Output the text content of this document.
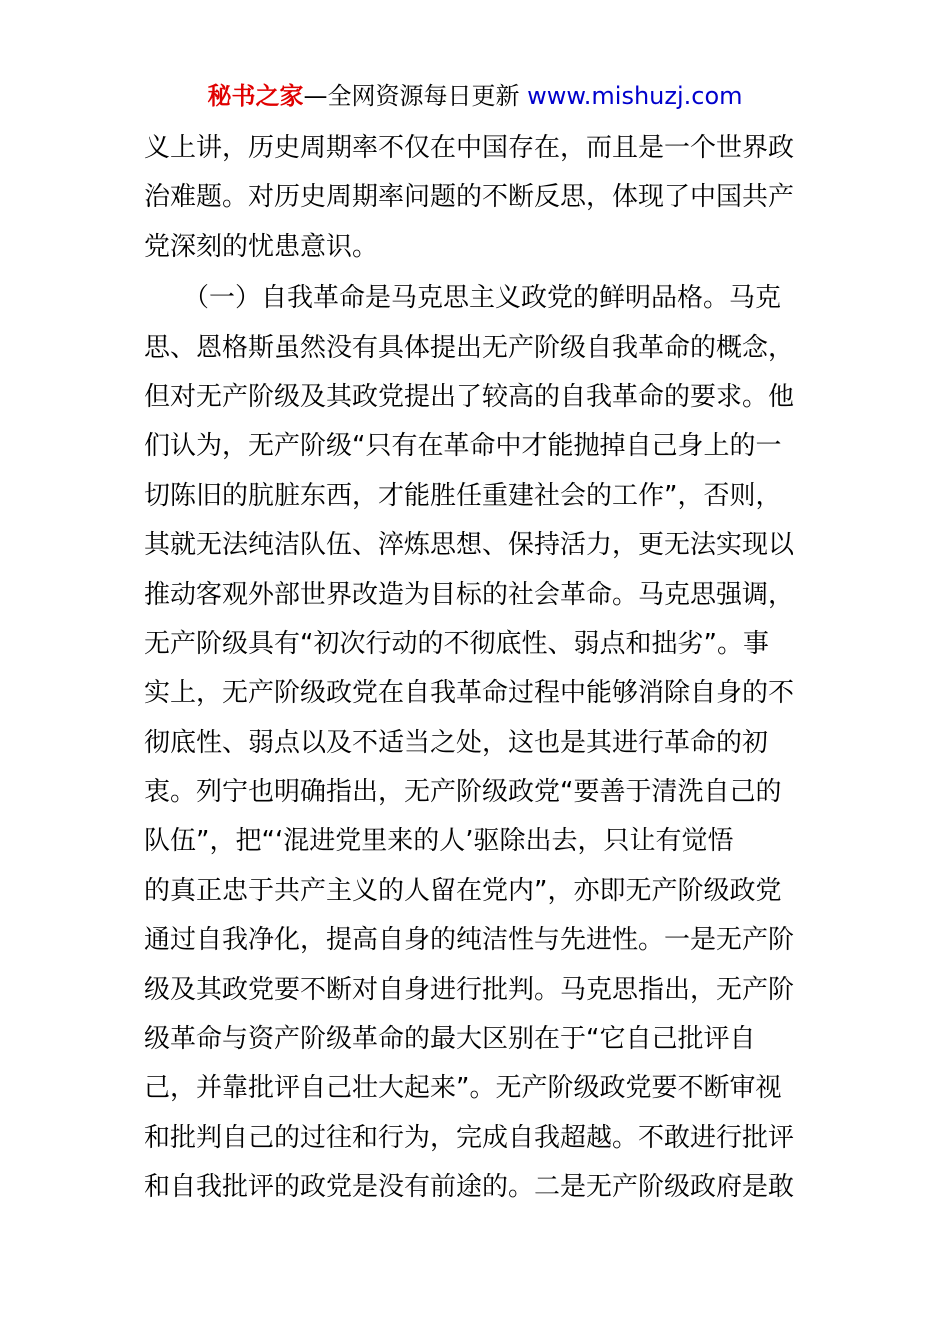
秘书之家—全网资源每日更新 www.mishuzj.com
义上讲，历史周期率不仅在中国存在，而且是一个世界政
治难题。对历史周期率问题的不断反思，体现了中国共产
党深刻的忧患意识。
　　（一）自我革命是马克思主义政党的鲜明品格。马克
思、恩格斯虽然没有具体提出无产阶级自我革命的概念，
但对无产阶级及其政党提出了较高的自我革命的要求。他
们认为，无产阶级“只有在革命中才能抛掉自己身上的一
切陈旧的肮脏东西，才能胜任重建社会的工作”，否则，
其就无法纯洁队伍、淬炼思想、保持活力，更无法实现以
推动客观外部世界改造为目标的社会革命。马克思强调，
无产阶级具有“初次行动的不彻底性、弱点和拙劣”。事
实上，无产阶级政党在自我革命过程中能够消除自身的不
彻底性、弱点以及不适当之处，这也是其进行革命的初
衷。列宁也明确指出，无产阶级政党“要善于清洗自己的
队伍”，把“‘混进党里来的人’驱除出去，只让有觉悟
的真正忠于共产主义的人留在党内”，亦即无产阶级政党
通过自我净化，提高自身的纯洁性与先进性。一是无产阶
级及其政党要不断对自身进行批判。马克思指出，无产阶
级革命与资产阶级革命的最大区别在于“它自己批评自
己，并靠批评自己壮大起来”。无产阶级政党要不断审视
和批判自己的过往和行为，完成自我超越。不敢进行批评
和自我批评的政党是没有前途的。二是无产阶级政府是敢
